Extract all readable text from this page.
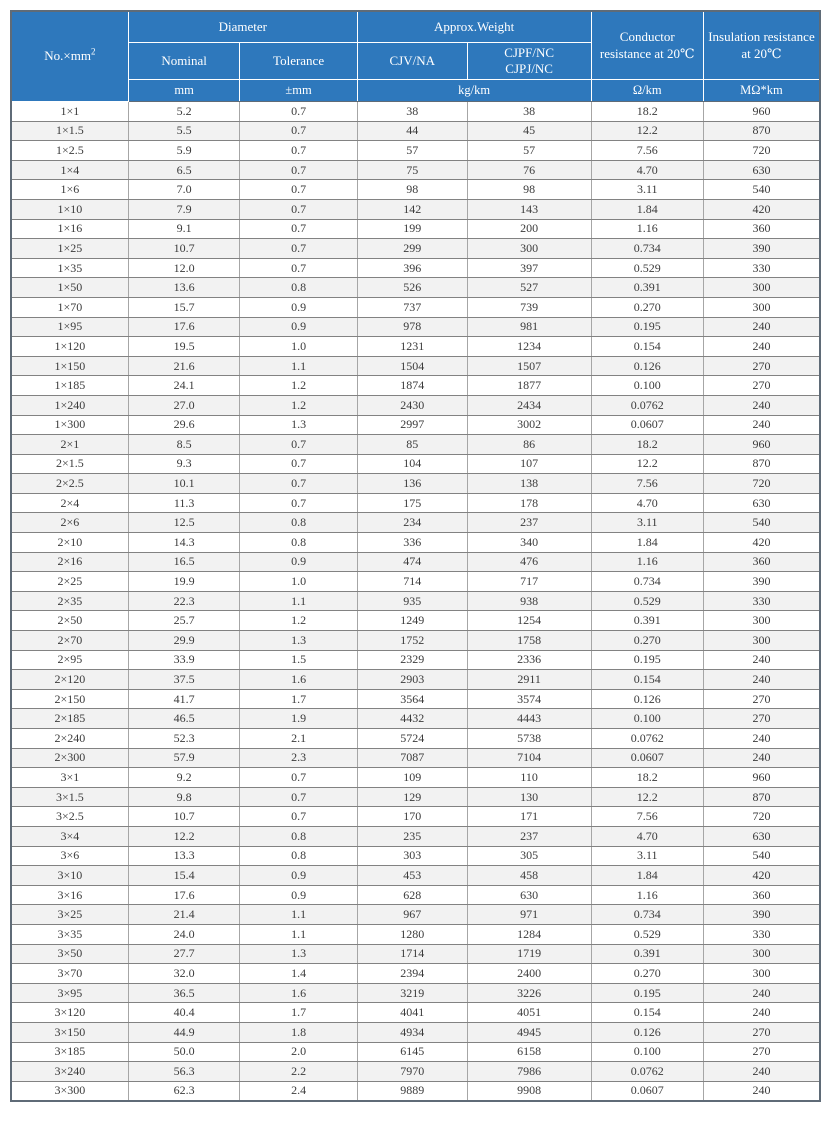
$No.\times mm^2$	Diameter		Approx.Weight		Conductor resistance at 20℃	Insulation resistance at 20℃
	Nominal	Tolerance	CJV/NA	CJPF/NC
CJPJ/NC		

	mm	±mm	kg/km		Ω/km	MΩ*km
1×1	5.2	0.7	38	38	18.2	960
1×1.5	5.5	0.7	44	45	12.2	870
1×2.5	5.9	0.7	57	57	7.56	720
1×4	6.5	0.7	75	76	4.70	630
1×6	7.0	0.7	98	98	3.11	540
1×10	7.9	0.7	142	143	1.84	420
1×16	9.1	0.7	199	200	1.16	360
1×25	10.7	0.7	299	300	0.734	390
1×35	12.0	0.7	396	397	0.529	330
1×50	13.6	0.8	526	527	0.391	300
1×70	15.7	0.9	737	739	0.270	300
1×95	17.6	0.9	978	981	0.195	240
1×120	19.5	1.0	1231	1234	0.154	240
1×150	21.6	1.1	1504	1507	0.126	270
1×185	24.1	1.2	1874	1877	0.100	270
1×240	27.0	1.2	2430	2434	0.0762	240
1×300	29.6	1.3	2997	3002	0.0607	240
2×1	8.5	0.7	85	86	18.2	960
2×1.5	9.3	0.7	104	107	12.2	870
2×2.5	10.1	0.7	136	138	7.56	720
2×4	11.3	0.7	175	178	4.70	630
2×6	12.5	0.8	234	237	3.11	540
2×10	14.3	0.8	336	340	1.84	420
2×16	16.5	0.9	474	476	1.16	360
2×25	19.9	1.0	714	717	0.734	390
2×35	22.3	1.1	935	938	0.529	330
2×50	25.7	1.2	1249	1254	0.391	300
2×70	29.9	1.3	1752	1758	0.270	300
2×95	33.9	1.5	2329	2336	0.195	240
2×120	37.5	1.6	2903	2911	0.154	240
2×150	41.7	1.7	3564	3574	0.126	270
2×185	46.5	1.9	4432	4443	0.100	270
2×240	52.3	2.1	5724	5738	0.0762	240
2×300	57.9	2.3	7087	7104	0.0607	240
3×1	9.2	0.7	109	110	18.2	960
3×1.5	9.8	0.7	129	130	12.2	870
3×2.5	10.7	0.7	170	171	7.56	720
3×4	12.2	0.8	235	237	4.70	630
3×6	13.3	0.8	303	305	3.11	540
3×10	15.4	0.9	453	458	1.84	420
3×16	17.6	0.9	628	630	1.16	360
3×25	21.4	1.1	967	971	0.734	390
3×35	24.0	1.1	1280	1284	0.529	330
3×50	27.7	1.3	1714	1719	0.391	300
3×70	32.0	1.4	2394	2400	0.270	300
3×95	36.5	1.6	3219	3226	0.195	240
3×120	40.4	1.7	4041	4051	0.154	240
3×150	44.9	1.8	4934	4945	0.126	270
3×185	50.0	2.0	6145	6158	0.100	270
3×240	56.3	2.2	7970	7986	0.0762	240
3×300	62.3	2.4	9889	9908	0.0607	240
